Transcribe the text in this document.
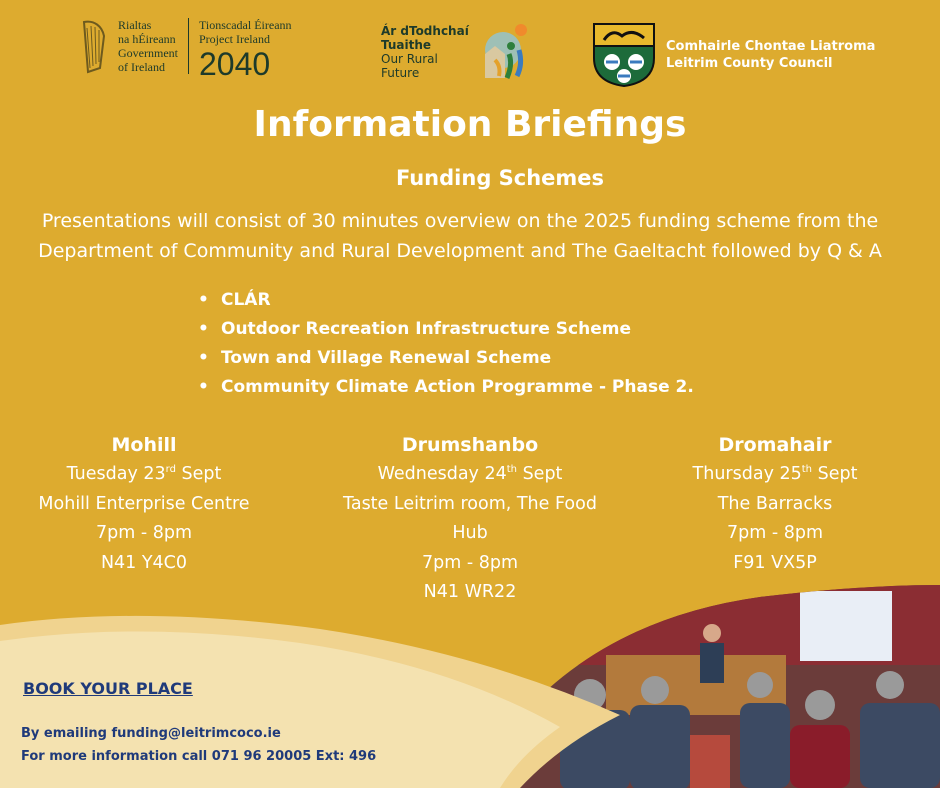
Rialtas
na hÉireann
Government
of Ireland
Tionscadal Éireann
Project Ireland
2040
Ár dTodhchaí
Tuaithe
Our Rural
Future
Comhairle Chontae Liatroma
Leitrim County Council
Information Briefings
Funding Schemes
Presentations will consist of 30 minutes overview on the 2025 funding scheme from the
Department of Community and Rural Development and The Gaeltacht followed by Q & A
• CLÁR
• Outdoor Recreation Infrastructure Scheme
• Town and Village Renewal Scheme
• Community Climate Action Programme - Phase 2.
Mohill
Tuesday 23rd Sept
Mohill Enterprise Centre
7pm - 8pm
N41 Y4C0
Drumshanbo
Wednesday 24th Sept
Taste Leitrim room, The Food
Hub
7pm - 8pm
N41 WR22
Dromahair
Thursday 25th Sept
The Barracks
7pm - 8pm
F91 VX5P
BOOK YOUR PLACE
By emailing funding@leitrimcoco.ie
For more information call 071 96 20005 Ext: 496
